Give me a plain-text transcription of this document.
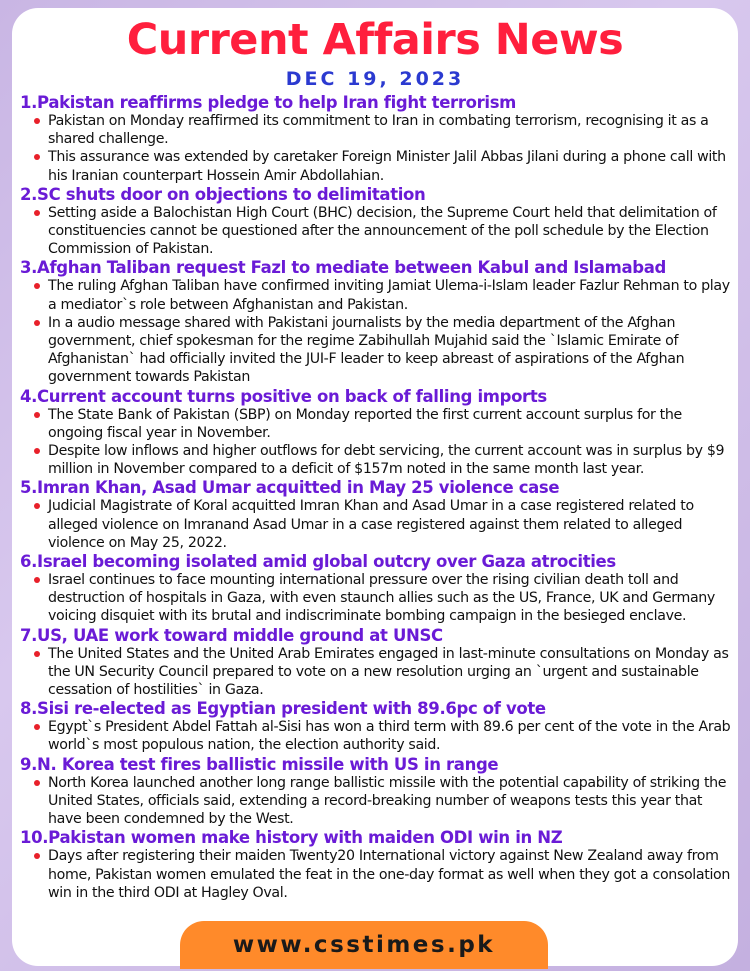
Current Affairs News
DEC 19, 2023
1.Pakistan reaffirms pledge to help Iran fight terrorism
Pakistan on Monday reaffirmed its commitment to Iran in combating terrorism, recognising it as a shared challenge.
This assurance was extended by caretaker Foreign Minister Jalil Abbas Jilani during a phone call with his Iranian counterpart Hossein Amir Abdollahian.
2.SC shuts door on objections to delimitation
Setting aside a Balochistan High Court (BHC) decision, the Supreme Court held that delimitation of constituencies cannot be questioned after the announcement of the poll schedule by the Election Commission of Pakistan.
3.Afghan Taliban request Fazl to mediate between Kabul and Islamabad
The ruling Afghan Taliban have confirmed inviting Jamiat Ulema-i-Islam leader Fazlur Rehman to play a mediator`s role between Afghanistan and Pakistan.
In a audio message shared with Pakistani journalists by the media department of the Afghan government, chief spokesman for the regime Zabihullah Mujahid said the `Islamic Emirate of Afghanistan` had officially invited the JUI-F leader to keep abreast of aspirations of the Afghan government towards Pakistan
4.Current account turns positive on back of falling imports
The State Bank of Pakistan (SBP) on Monday reported the first current account surplus for the ongoing fiscal year in November.
Despite low inflows and higher outflows for debt servicing, the current account was in surplus by $9 million in November compared to a deficit of $157m noted in the same month last year.
5.Imran Khan, Asad Umar acquitted in May 25 violence case
Judicial Magistrate of Koral acquitted Imran Khan and Asad Umar in a case registered related to alleged violence on Imranand Asad Umar in a case registered against them related to alleged violence on May 25, 2022.
6.Israel becoming isolated amid global outcry over Gaza atrocities
Israel continues to face mounting international pressure over the rising civilian death toll and destruction of hospitals in Gaza, with even staunch allies such as the US, France, UK and Germany voicing disquiet with its brutal and indiscriminate bombing campaign in the besieged enclave.
7.US, UAE work toward middle ground at UNSC
The United States and the United Arab Emirates engaged in last-minute consultations on Monday as the UN Security Council prepared to vote on a new resolution urging an `urgent and sustainable cessation of hostilities` in Gaza.
8.Sisi re-elected as Egyptian president with 89.6pc of vote
Egypt`s President Abdel Fattah al-Sisi has won a third term with 89.6 per cent of the vote in the Arab world`s most populous nation, the election authority said.
9.N. Korea test fires ballistic missile with US in range
North Korea launched another long range ballistic missile with the potential capability of striking the United States, officials said, extending a record-breaking number of weapons tests this year that have been condemned by the West.
10.Pakistan women make history with maiden ODI win in NZ
Days after registering their maiden Twenty20 International victory against New Zealand away from home, Pakistan women emulated the feat in the one-day format as well when they got a consolation win in the third ODI at Hagley Oval.
www.csstimes.pk
